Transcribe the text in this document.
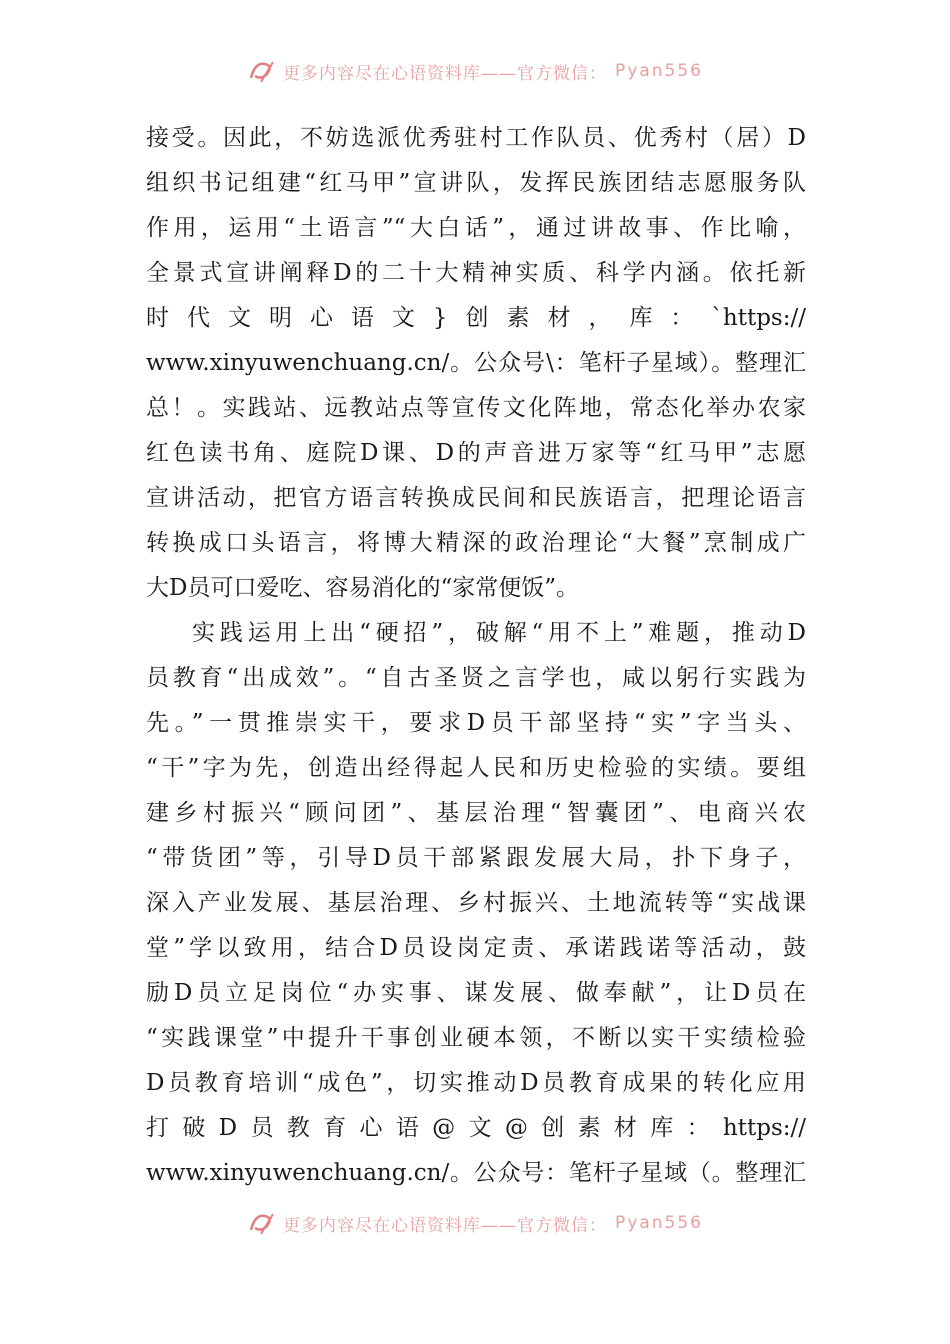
更多内容尽在心语资料库——官方微信： Pyan556
接受。因此，不妨选派优秀驻村工作队员、优秀村（居）D
组织书记组建“红马甲”宣讲队，发挥民族团结志愿服务队
作用，运用“土语言”“大白话”，通过讲故事、作比喻，
全景式宣讲阐释D的二十大精神实质、科学内涵。依托新
时代文明心语文}创素材，库：`https://
www.xinyuwenchuang.cn/。公众号\：笔杆子星域）。整理汇
总！。实践站、远教站点等宣传文化阵地，常态化举办农家
红色读书角、庭院D课、D的声音进万家等“红马甲”志愿
宣讲活动，把官方语言转换成民间和民族语言，把理论语言
转换成口头语言，将博大精深的政治理论“大餐”烹制成广
大D员可口爱吃、容易消化的“家常便饭”。
实践运用上出“硬招”，破解“用不上”难题，推动D
员教育“出成效”。“自古圣贤之言学也，咸以躬行实践为
先。”一贯推崇实干，要求D员干部坚持“实”字当头、
“干”字为先，创造出经得起人民和历史检验的实绩。要组
建乡村振兴“顾问团”、基层治理“智囊团”、电商兴农
“带货团”等，引导D员干部紧跟发展大局，扑下身子，
深入产业发展、基层治理、乡村振兴、土地流转等“实战课
堂”学以致用，结合D员设岗定责、承诺践诺等活动，鼓
励D员立足岗位“办实事、谋发展、做奉献”，让D员在
“实践课堂”中提升干事创业硬本领，不断以实干实绩检验
D员教育培训“成色”，切实推动D员教育成果的转化应用
打破D员教育心语@文@创素材库：https://
www.xinyuwenchuang.cn/。公众号：笔杆子星域（。整理汇
更多内容尽在心语资料库——官方微信： Pyan556
